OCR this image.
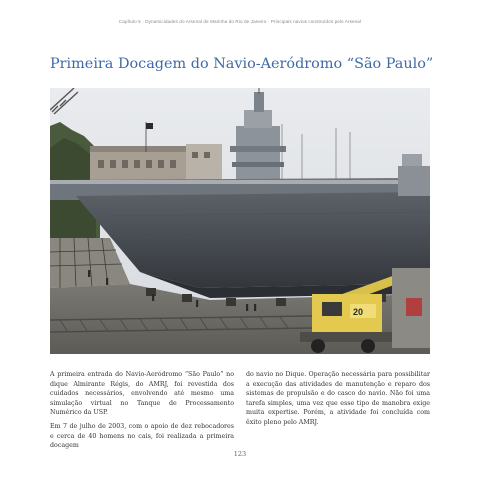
Capítulo 5 · Dynamicidades do Arsenal de Marinha do Rio de Janeiro · Principais navios construídos pelo Arsenal
Primeira Docagem do Navio-Aeródromo “São Paulo”
20

A primeira entrada do Navio-Aeródromo “São Paulo” no dique Almirante Régis, do AMRJ, foi revestida dos cuidados necessários, envolvendo até mesmo uma simulação virtual no Tanque de Processamento Numérico da USP.

Em 7 de julho de 2003, com o apoio de dez rebocadores e cerca de 40 homens no cais, foi realizada a primeira docagem

do navio no Dique. Operação necessária para possibilitar a execução das atividades de manutenção e reparo dos sistemas de propulsão e do casco do navio. Não foi uma tarefa simples, uma vez que esse tipo de manobra exige muita expertise. Porém, a atividade foi concluída com êxito pleno pelo AMRJ.

123
